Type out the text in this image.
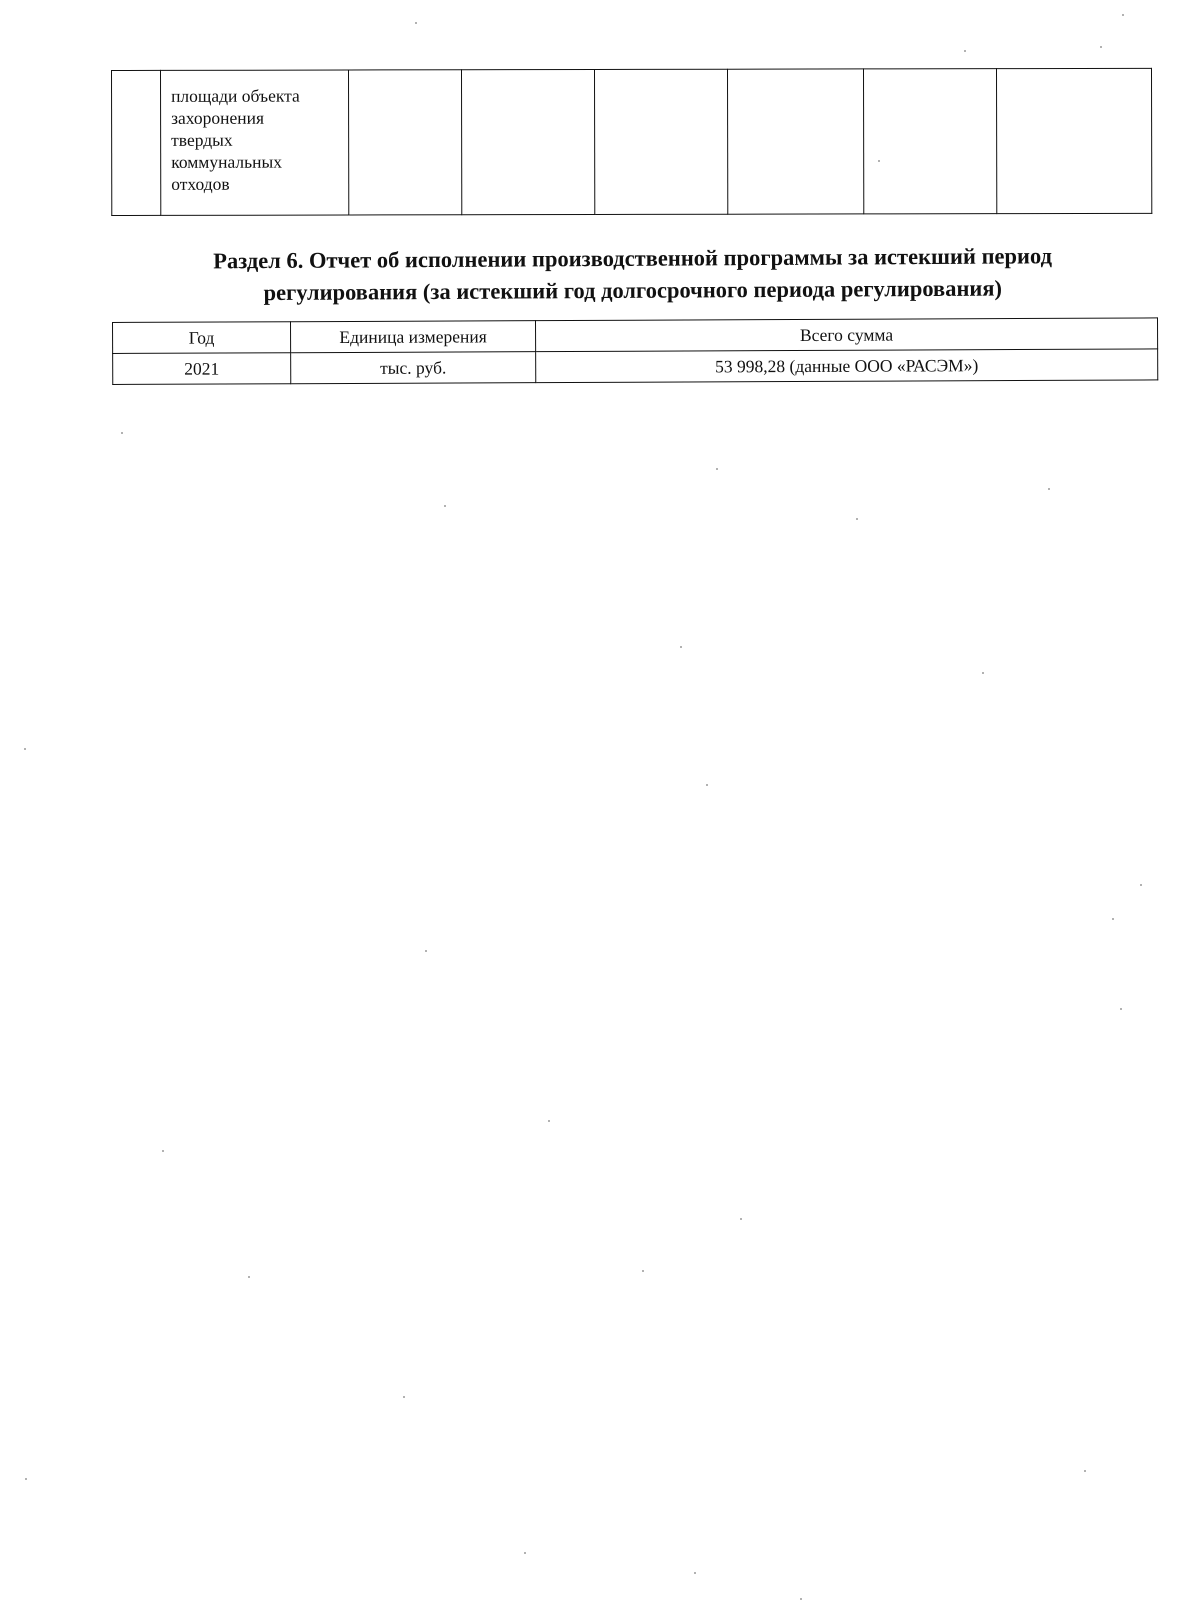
площади объекта
захоронения
твердых
коммунальных
отходов

Раздел 6. Отчет об исполнении производственной программы за истекший период
регулирования (за истекший год долгосрочного периода регулирования)
Год	Единица измерения	Всего сумма
2021	тыс. руб.	53 998,28 (данные ООО «РАСЭМ»)
